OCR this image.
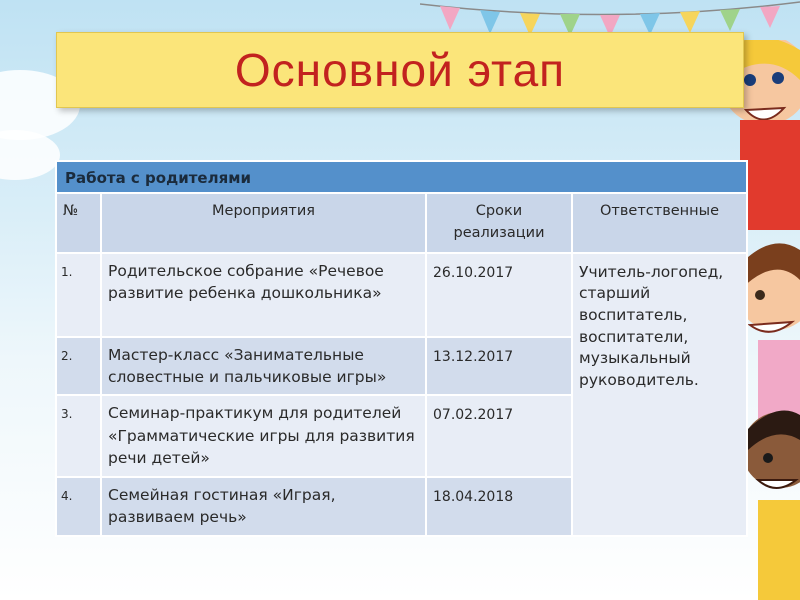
Основной этап
Работа с родителями			
№	Мероприятия	Сроки реализации	Ответственные
1.	Родительское собрание «Речевое развитие ребенка дошкольника»	26.10.2017	Учитель-логопед, старший воспитатель, воспитатели, музыкальный руководитель.
2.	Мастер-класс «Занимательные словестные и пальчиковые игры»	13.12.2017	
3.	Семинар-практикум для родителей «Грамматические игры для развития речи детей»	07.02.2017	
4.	Семейная гостиная «Играя, развиваем речь»	18.04.2018	
